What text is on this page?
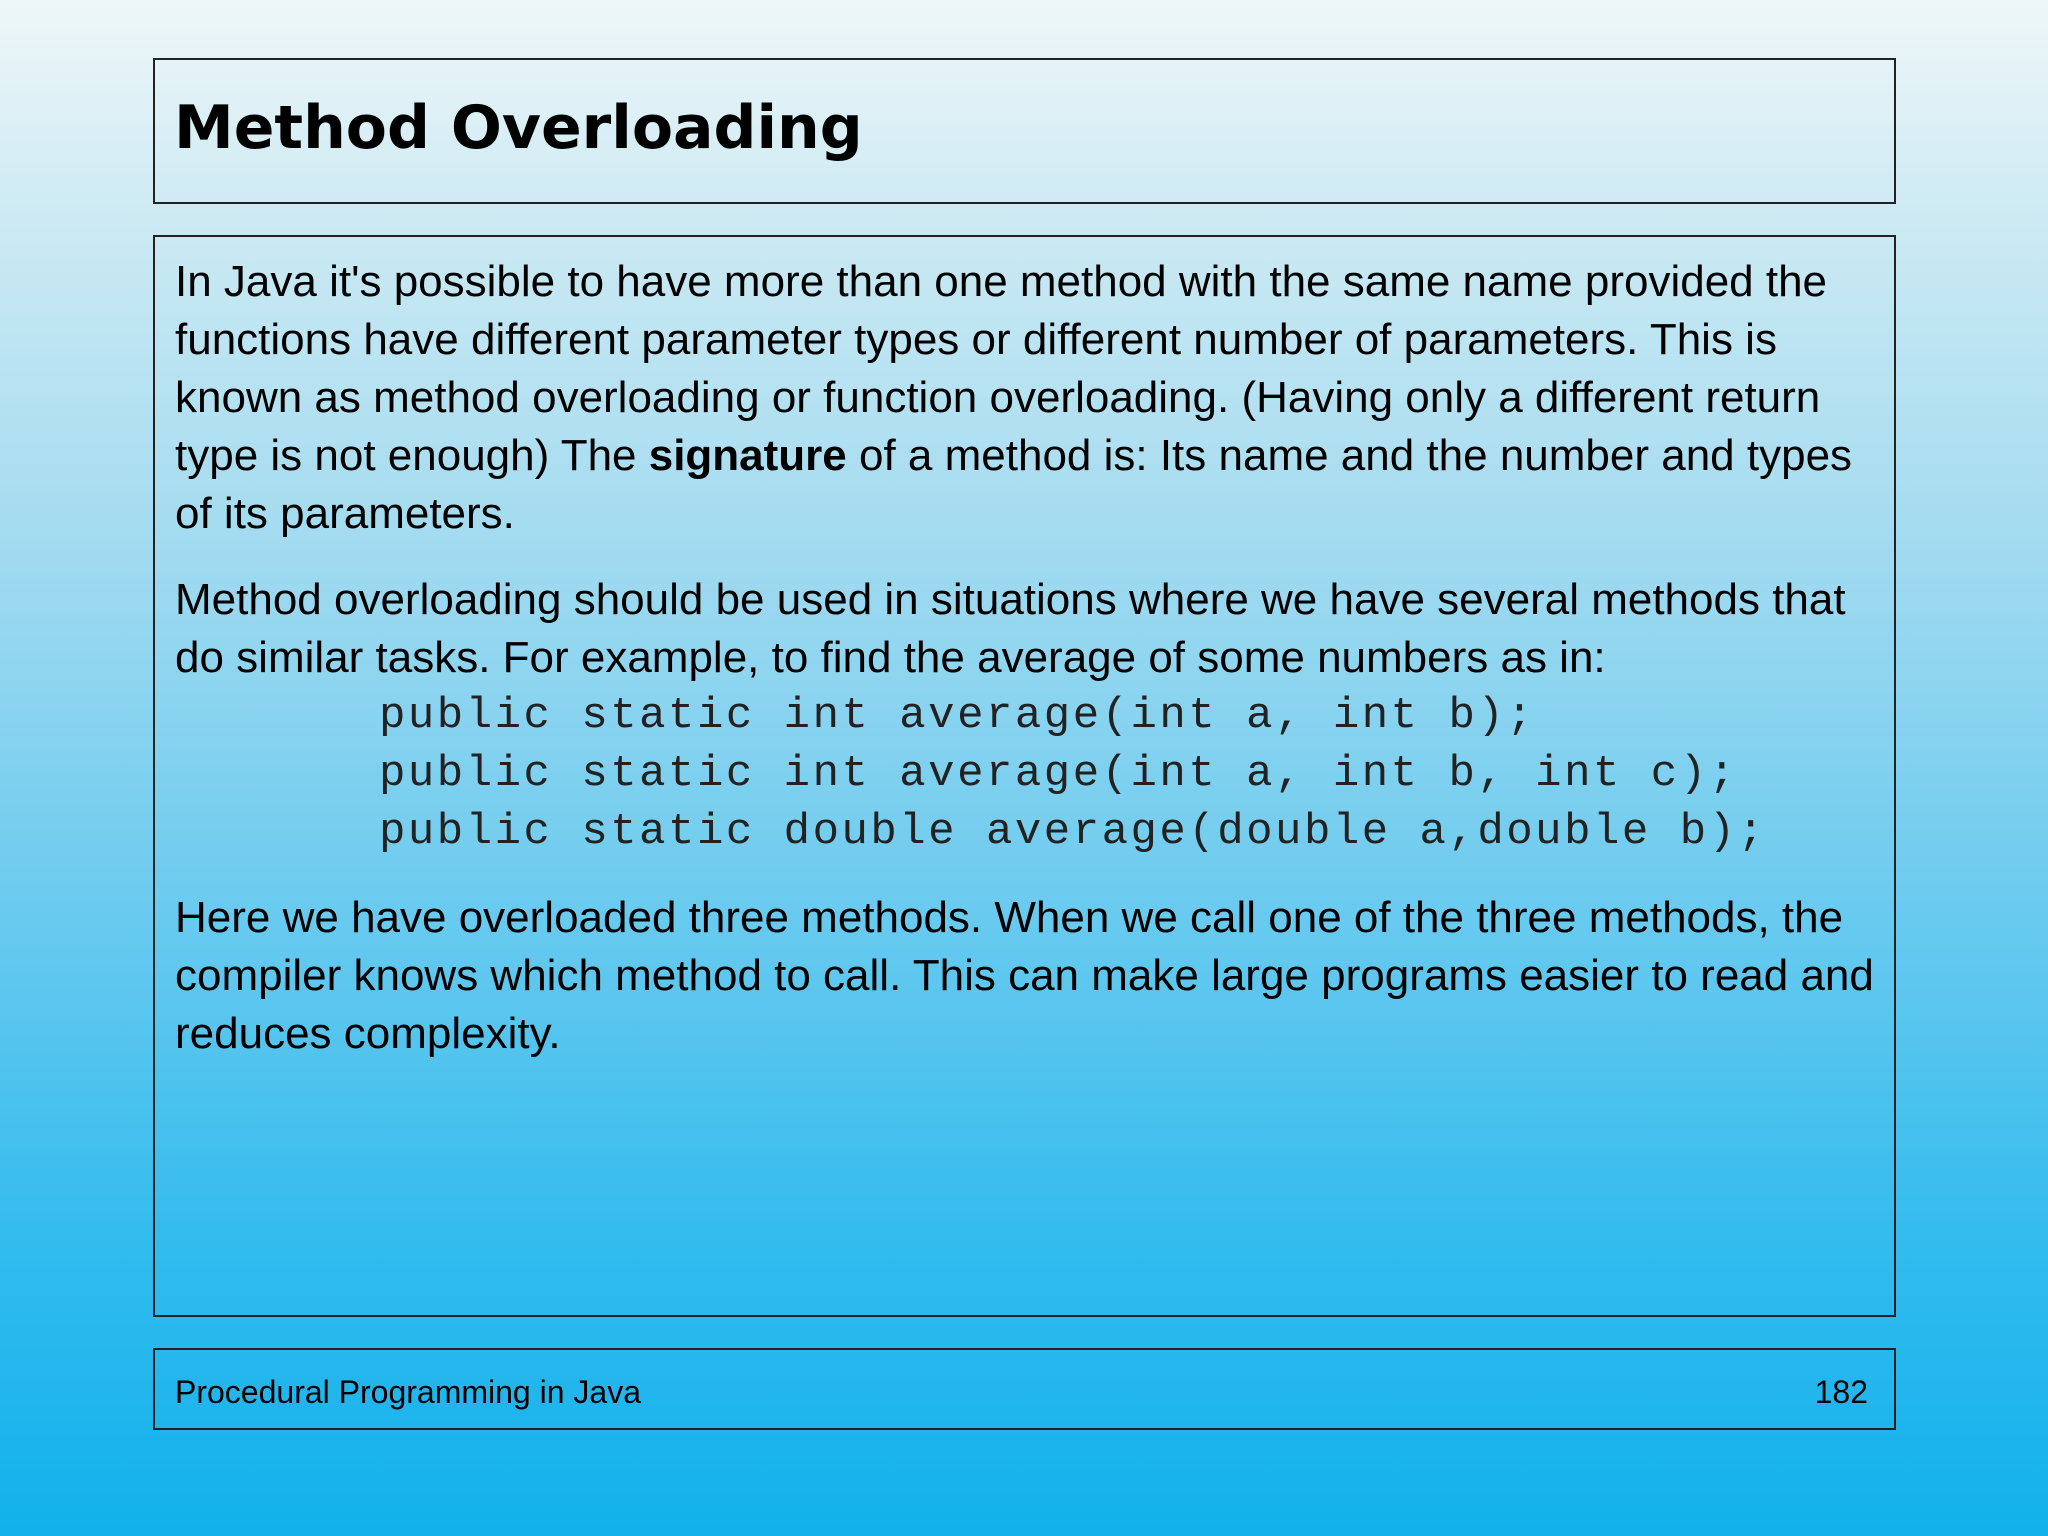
Method Overloading

In Java it's possible to have more than one method with the same name provided the functions have different parameter types or different number of parameters. This is known as method overloading or function overloading. (Having only a different return type is not enough) The signature of a method is: Its name and the number and types of its parameters.

Method overloading should be used in situations where we have several methods that do similar tasks. For example, to find the average of some numbers as in:

public static int average(int a, int b);
public static int average(int a, int b, int c);
public static double average(double a,double b);

Here we have overloaded three methods. When we call one of the three methods, the compiler knows which method to call. This can make large programs easier to read and reduces complexity.

Procedural Programming in Java	182
